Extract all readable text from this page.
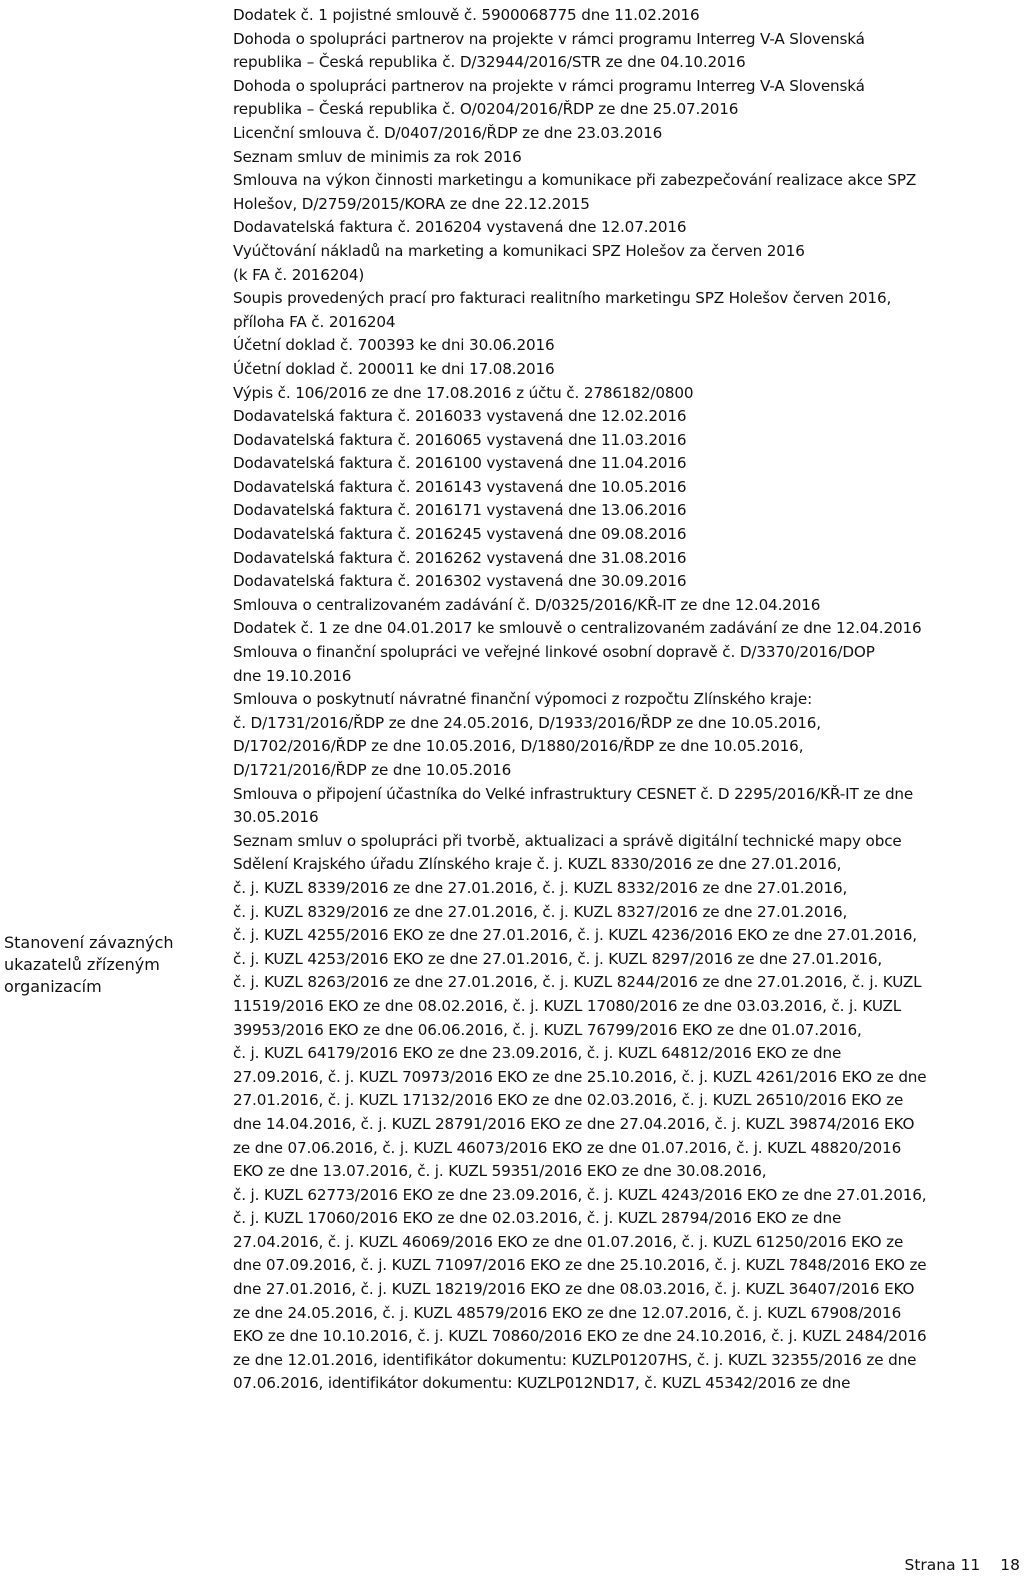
Stanovení závazných ukazatelů zřízeným organizacím
Dodatek č. 1 pojistné smlouvě č. 5900068775 dne 11.02.2016
Dohoda o spolupráci partnerov na projekte v rámci programu Interreg V-A Slovenská
republika – Česká republika č. D/32944/2016/STR ze dne 04.10.2016
Dohoda o spolupráci partnerov na projekte v rámci programu Interreg V-A Slovenská
republika – Česká republika č. O/0204/2016/ŘDP ze dne 25.07.2016
Licenční smlouva č. D/0407/2016/ŘDP ze dne 23.03.2016
Seznam smluv de minimis za rok 2016
Smlouva na výkon činnosti marketingu a komunikace při zabezpečování realizace akce SPZ
Holešov, D/2759/2015/KORA ze dne 22.12.2015
Dodavatelská faktura č. 2016204 vystavená dne 12.07.2016
Vyúčtování nákladů na marketing a komunikaci SPZ Holešov za červen 2016
(k FA č. 2016204)
Soupis provedených prací pro fakturaci realitního marketingu SPZ Holešov červen 2016,
příloha FA č. 2016204
Účetní doklad č. 700393 ke dni 30.06.2016
Účetní doklad č. 200011 ke dni 17.08.2016
Výpis č. 106/2016 ze dne 17.08.2016 z účtu č. 2786182/0800
Dodavatelská faktura č. 2016033 vystavená dne 12.02.2016
Dodavatelská faktura č. 2016065 vystavená dne 11.03.2016
Dodavatelská faktura č. 2016100 vystavená dne 11.04.2016
Dodavatelská faktura č. 2016143 vystavená dne 10.05.2016
Dodavatelská faktura č. 2016171 vystavená dne 13.06.2016
Dodavatelská faktura č. 2016245 vystavená dne 09.08.2016
Dodavatelská faktura č. 2016262 vystavená dne 31.08.2016
Dodavatelská faktura č. 2016302 vystavená dne 30.09.2016
Smlouva o centralizovaném zadávání č. D/0325/2016/KŘ-IT ze dne 12.04.2016
Dodatek č. 1 ze dne 04.01.2017 ke smlouvě o centralizovaném zadávání ze dne 12.04.2016
Smlouva o finanční spolupráci ve veřejné linkové osobní dopravě č. D/3370/2016/DOP
dne 19.10.2016
Smlouva o poskytnutí návratné finanční výpomoci z rozpočtu Zlínského kraje:
č. D/1731/2016/ŘDP ze dne 24.05.2016, D/1933/2016/ŘDP ze dne 10.05.2016,
D/1702/2016/ŘDP ze dne 10.05.2016, D/1880/2016/ŘDP ze dne 10.05.2016,
D/1721/2016/ŘDP ze dne 10.05.2016
Smlouva o připojení účastníka do Velké infrastruktury CESNET č. D 2295/2016/KŘ-IT ze dne
30.05.2016
Seznam smluv o spolupráci při tvorbě, aktualizaci a správě digitální technické mapy obce
Sdělení Krajského úřadu Zlínského kraje č. j. KUZL 8330/2016 ze dne 27.01.2016,
č. j. KUZL 8339/2016 ze dne 27.01.2016, č. j. KUZL 8332/2016 ze dne 27.01.2016,
č. j. KUZL 8329/2016 ze dne 27.01.2016, č. j. KUZL 8327/2016 ze dne 27.01.2016,
č. j. KUZL 4255/2016 EKO ze dne 27.01.2016, č. j. KUZL 4236/2016 EKO ze dne 27.01.2016,
č. j. KUZL 4253/2016 EKO ze dne 27.01.2016, č. j. KUZL 8297/2016 ze dne 27.01.2016,
č. j. KUZL 8263/2016 ze dne 27.01.2016, č. j. KUZL 8244/2016 ze dne 27.01.2016, č. j. KUZL
11519/2016 EKO ze dne 08.02.2016, č. j. KUZL 17080/2016 ze dne 03.03.2016, č. j. KUZL
39953/2016 EKO ze dne 06.06.2016, č. j. KUZL 76799/2016 EKO ze dne 01.07.2016,
č. j. KUZL 64179/2016 EKO ze dne 23.09.2016, č. j. KUZL 64812/2016 EKO ze dne
27.09.2016, č. j. KUZL 70973/2016 EKO ze dne 25.10.2016, č. j. KUZL 4261/2016 EKO ze dne
27.01.2016, č. j. KUZL 17132/2016 EKO ze dne 02.03.2016, č. j. KUZL 26510/2016 EKO ze
dne 14.04.2016, č. j. KUZL 28791/2016 EKO ze dne 27.04.2016, č. j. KUZL 39874/2016 EKO
ze dne 07.06.2016, č. j. KUZL 46073/2016 EKO ze dne 01.07.2016, č. j. KUZL 48820/2016
EKO ze dne 13.07.2016, č. j. KUZL 59351/2016 EKO ze dne 30.08.2016,
č. j. KUZL 62773/2016 EKO ze dne 23.09.2016, č. j. KUZL 4243/2016 EKO ze dne 27.01.2016,
č. j. KUZL 17060/2016 EKO ze dne 02.03.2016, č. j. KUZL 28794/2016 EKO ze dne
27.04.2016, č. j. KUZL 46069/2016 EKO ze dne 01.07.2016, č. j. KUZL 61250/2016 EKO ze
dne 07.09.2016, č. j. KUZL 71097/2016 EKO ze dne 25.10.2016, č. j. KUZL 7848/2016 EKO ze
dne 27.01.2016, č. j. KUZL 18219/2016 EKO ze dne 08.03.2016, č. j. KUZL 36407/2016 EKO
ze dne 24.05.2016, č. j. KUZL 48579/2016 EKO ze dne 12.07.2016, č. j. KUZL 67908/2016
EKO ze dne 10.10.2016, č. j. KUZL 70860/2016 EKO ze dne 24.10.2016, č. j. KUZL 2484/2016
ze dne 12.01.2016, identifikátor dokumentu: KUZLP01207HS, č. j. KUZL 32355/2016 ze dne
07.06.2016, identifikátor dokumentu: KUZLP012ND17, č. KUZL 45342/2016 ze dne
Strana 11 18
